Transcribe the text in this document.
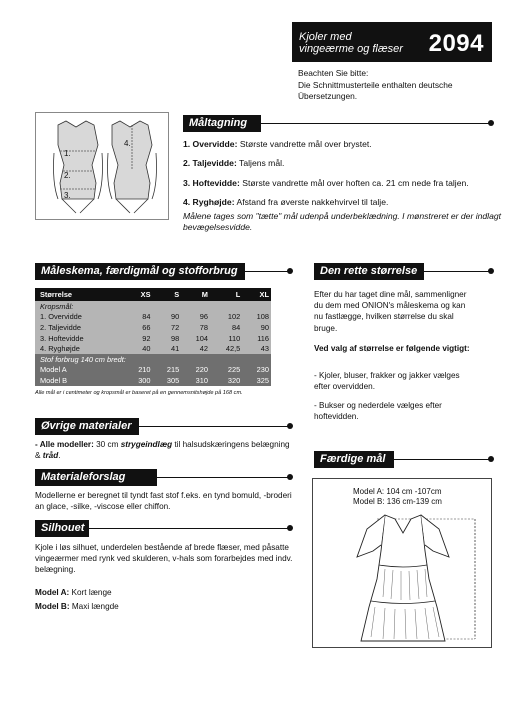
Kjoler med
vingeærme og flæser 2094
Beachten Sie bitte:
Die Schnittmusterteile enthalten deutsche Übersetzungen.
1.
2.
3.
4.
Måltagning
1. Overvidde: Største vandrette mål over brystet.
2. Taljevidde: Taljens mål.
3. Hoftevidde: Største vandrette mål over hoften ca. 21 cm nede fra taljen.
4. Ryghøjde: Afstand fra øverste nakkehvirvel til talje.
Målene tages som "tætte" mål udenpå underbeklædning. I mønstreret er der indlagt bevægelsesvidde.
Måleskema, færdigmål og stofforbrug
Størrelse	XS	S	M	L	XL
Kropsmål:					
1. Overvidde	84	90	96	102	108
2. Taljevidde	66	72	78	84	90
3. Hoftevidde	92	98	104	110	116
4. Ryghøjde	40	41	42	42,5	43
Stof forbrug 140 cm bredt:					
Model A	210	215	220	225	230
Model B	300	305	310	320	325
Alle mål er i centimeter og kropsmål er baseret på en gennemsnitshøjde på 168 cm.
Den rette størrelse
Efter du har taget dine mål, sammenligner du dem med ONION's måleskema og kan nu fastlægge, hvilken størrelse du skal bruge.
Ved valg af størrelse er følgende vigtigt:
- Kjoler, bluser, frakker og jakker vælges efter overvidden.
- Bukser og nederdele vælges efter hoftevidden.
Øvrige materialer
- Alle modeller: 30 cm strygeindlæg til halsudskæringens belægning & tråd.
Materialeforslag
Modellerne er beregnet til tyndt fast stof f.eks. en tynd bomuld, -broderi an glace, -silke, -viscose eller chiffon.
Silhouet
Kjole i løs silhuet, underdelen bestående af brede flæser, med påsatte vingeærmer med rynk ved skulderen, v-hals som forarbejdes med indv. belægning.
Model A: Kort længe
Model B: Maxi længde
Færdige mål
Model A: 104 cm -107cm
Model B: 136 cm-139 cm
